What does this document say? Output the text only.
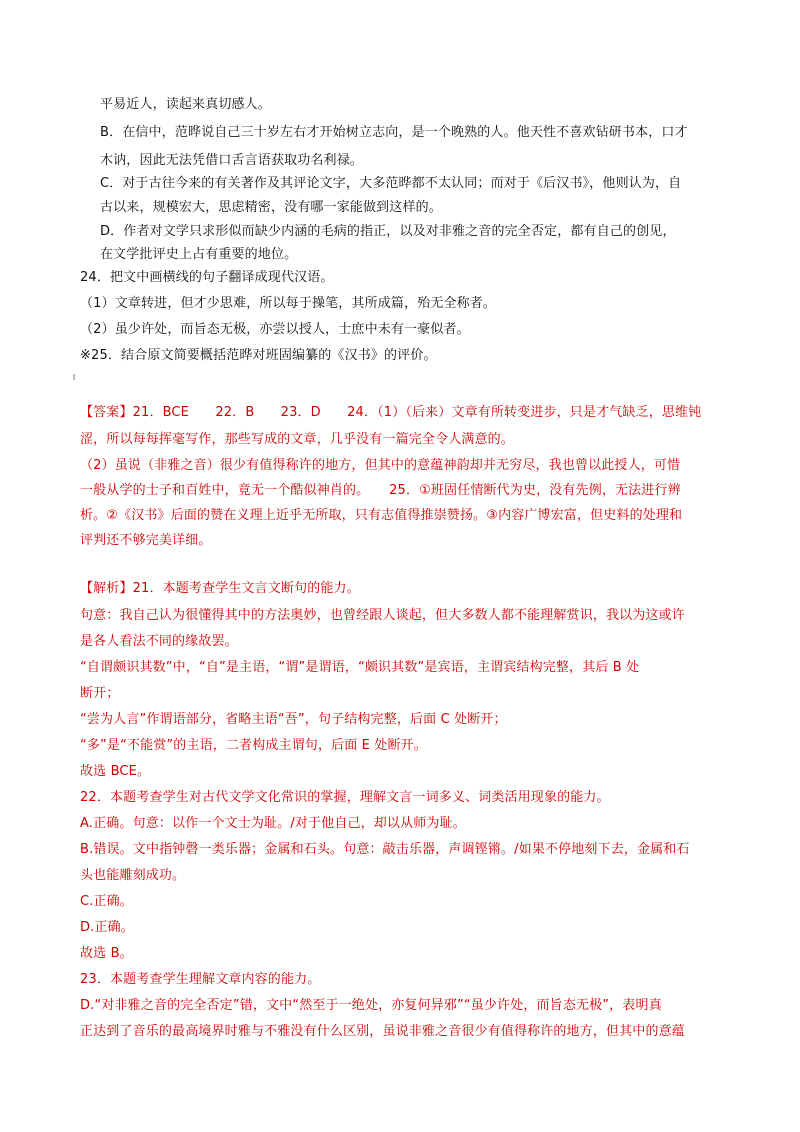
平易近人，读起来真切感人。
B．在信中，范晔说自己三十岁左右才开始树立志向，是一个晚熟的人。他天性不喜欢钻研书本，口才
木讷，因此无法凭借口舌言语获取功名利禄。
C．对于古往今来的有关著作及其评论文字，大多范晔都不太认同；而对于《后汉书》，他则认为，自
古以来，规模宏大，思虑精密，没有哪一家能做到这样的。
D．作者对文学只求形似而缺少内涵的毛病的指正，以及对非雅之音的完全否定，都有自己的创见，
在文学批评史上占有重要的地位。
24．把文中画横线的句子翻译成现代汉语。
（1）文章转进，但才少思难，所以每于操笔，其所成篇，殆无全称者。
（2）虽少许处，而旨态无极，亦尝以授人，士庶中未有一豪似者。
※25．结合原文简要概括范晔对班固编纂的《汉书》的评价。
【答案】21．BCE　　22．B　　23．D　　24．（1）（后来）文章有所转变进步，只是才气缺乏，思维钝
涩，所以每每挥毫写作，那些写成的文章，几乎没有一篇完全令人满意的。
（2）虽说（非雅之音）很少有值得称许的地方，但其中的意蕴神韵却并无穷尽，我也曾以此授人，可惜
一般从学的士子和百姓中，竟无一个酷似神肖的。　　25．①班固任情断代为史，没有先例，无法进行辨
析。②《汉书》后面的赞在义理上近乎无所取，只有志值得推崇赞扬。③内容广博宏富，但史料的处理和
评判还不够完美详细。
【解析】21．本题考查学生文言文断句的能力。
句意：我自己认为很懂得其中的方法奥妙，也曾经跟人谈起，但大多数人都不能理解赏识，我以为这或许
是各人看法不同的缘故罢。
“自谓颇识其数”中，“自”是主语，“谓”是谓语，“颇识其数”是宾语，主谓宾结构完整，其后 B 处
断开；
“尝为人言”作谓语部分，省略主语“吾”，句子结构完整，后面 C 处断开；
“多”是“不能赏”的主语，二者构成主谓句，后面 E 处断开。
故选 BCE。
22．本题考查学生对古代文学文化常识的掌握，理解文言一词多义、词类活用现象的能力。
A.正确。句意：以作一个文士为耻。/对于他自己，却以从师为耻。
B.错误。文中指钟磬一类乐器；金属和石头。句意：敲击乐器，声调铿锵。/如果不停地刻下去，金属和石
头也能雕刻成功。
C.正确。
D.正确。
故选 B。
23．本题考查学生理解文章内容的能力。
D.“对非雅之音的完全否定”错，文中“然至于一绝处，亦复何异邪”“虽少许处，而旨态无极”，表明真
正达到了音乐的最高境界时雅与不雅没有什么区别，虽说非雅之音很少有值得称许的地方，但其中的意蕴
